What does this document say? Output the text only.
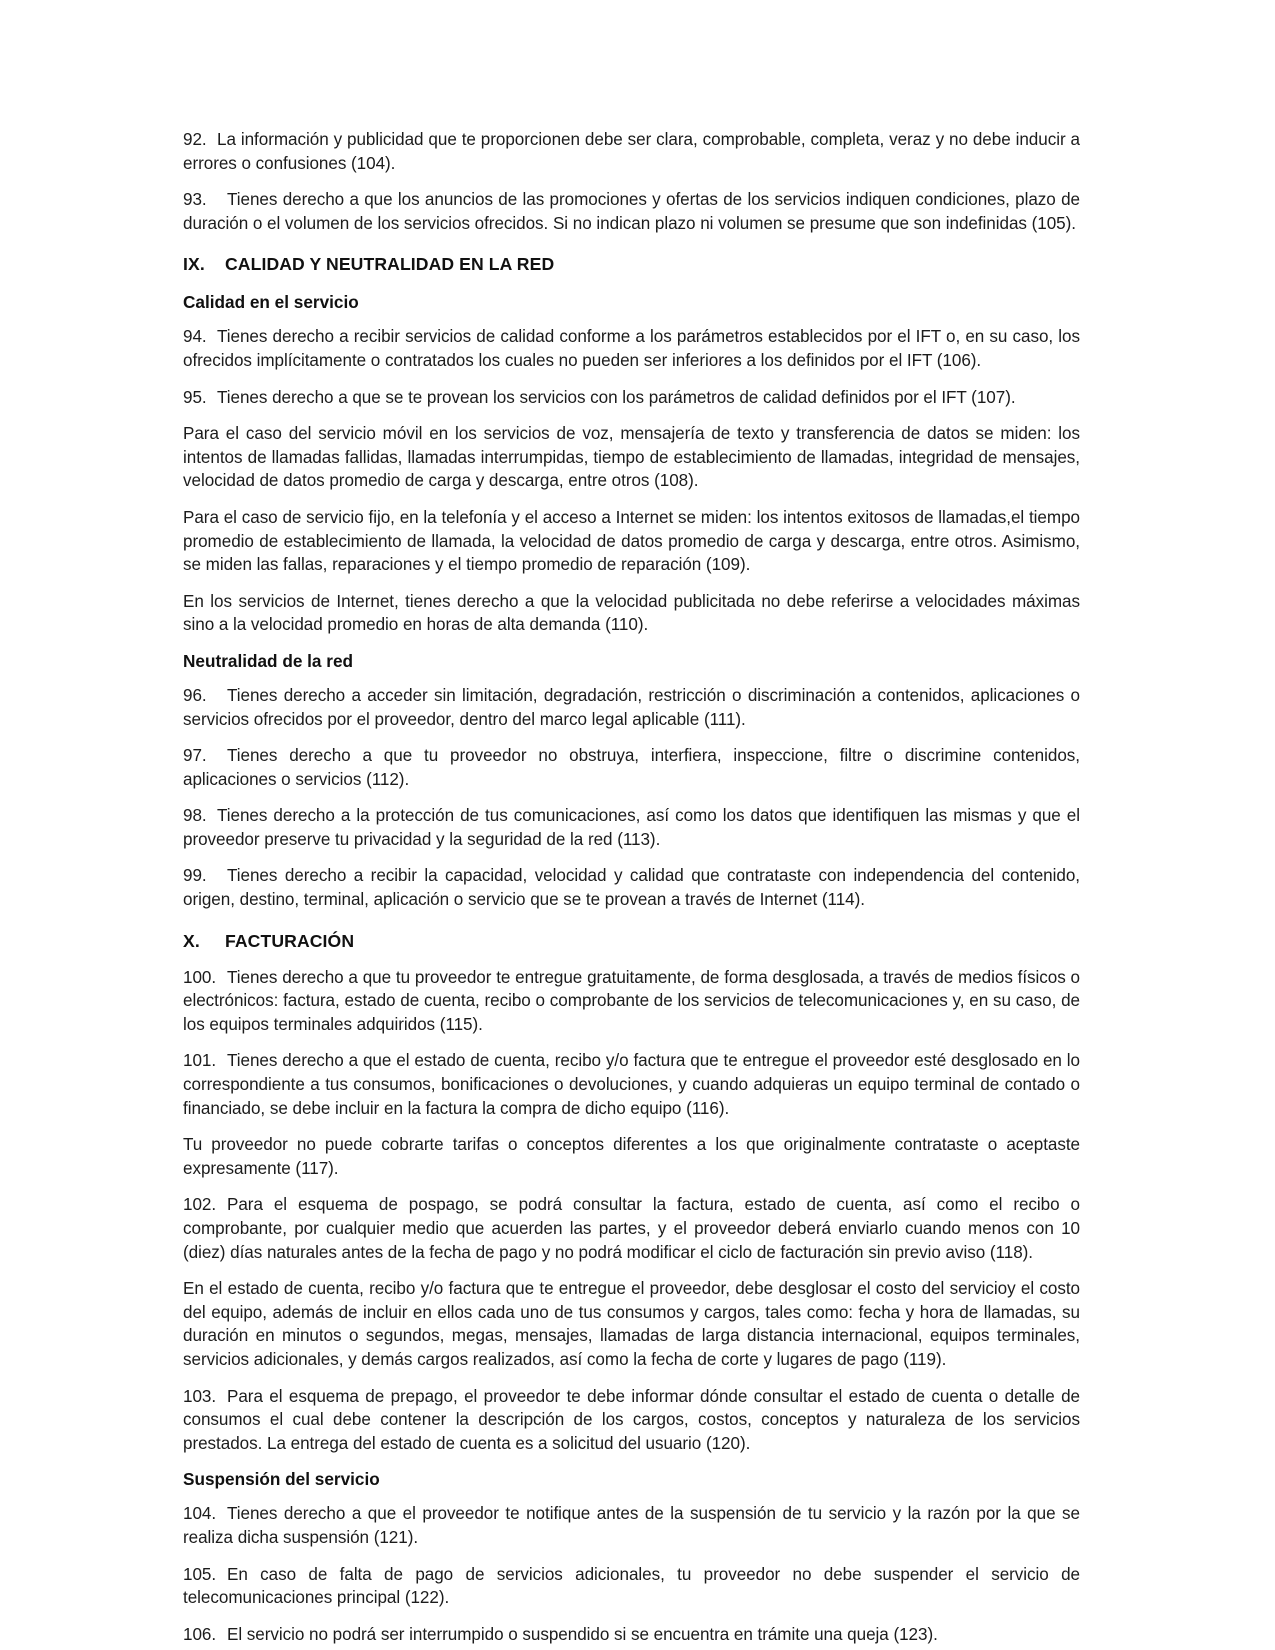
92. La información y publicidad que te proporcionen debe ser clara, comprobable, completa, veraz y no debe inducir a errores o confusiones (104).

93. Tienes derecho a que los anuncios de las promociones y ofertas de los servicios indiquen condiciones, plazo de duración o el volumen de los servicios ofrecidos. Si no indican plazo ni volumen se presume que son indefinidas (105).

IX. CALIDAD Y NEUTRALIDAD EN LA RED
Calidad en el servicio

94. Tienes derecho a recibir servicios de calidad conforme a los parámetros establecidos por el IFT o, en su caso, los ofrecidos implícitamente o contratados los cuales no pueden ser inferiores a los definidos por el IFT (106).

95. Tienes derecho a que se te provean los servicios con los parámetros de calidad definidos por el IFT (107).

Para el caso del servicio móvil en los servicios de voz, mensajería de texto y transferencia de datos se miden: los intentos de llamadas fallidas, llamadas interrumpidas, tiempo de establecimiento de llamadas, integridad de mensajes, velocidad de datos promedio de carga y descarga, entre otros (108).

Para el caso de servicio fijo, en la telefonía y el acceso a Internet se miden: los intentos exitosos de llamadas,el tiempo promedio de establecimiento de llamada, la velocidad de datos promedio de carga y descarga, entre otros. Asimismo, se miden las fallas, reparaciones y el tiempo promedio de reparación (109).

En los servicios de Internet, tienes derecho a que la velocidad publicitada no debe referirse a velocidades máximas sino a la velocidad promedio en horas de alta demanda (110).

Neutralidad de la red

96. Tienes derecho a acceder sin limitación, degradación, restricción o discriminación a contenidos, aplicaciones o servicios ofrecidos por el proveedor, dentro del marco legal aplicable (111).

97. Tienes derecho a que tu proveedor no obstruya, interfiera, inspeccione, filtre o discrimine contenidos, aplicaciones o servicios (112).

98. Tienes derecho a la protección de tus comunicaciones, así como los datos que identifiquen las mismas y que el proveedor preserve tu privacidad y la seguridad de la red (113).

99. Tienes derecho a recibir la capacidad, velocidad y calidad que contrataste con independencia del contenido, origen, destino, terminal, aplicación o servicio que se te provean a través de Internet (114).

X. FACTURACIÓN

100. Tienes derecho a que tu proveedor te entregue gratuitamente, de forma desglosada, a través de medios físicos o electrónicos: factura, estado de cuenta, recibo o comprobante de los servicios de telecomunicaciones y, en su caso, de los equipos terminales adquiridos (115).

101. Tienes derecho a que el estado de cuenta, recibo y/o factura que te entregue el proveedor esté desglosado en lo correspondiente a tus consumos, bonificaciones o devoluciones, y cuando adquieras un equipo terminal de contado o financiado, se debe incluir en la factura la compra de dicho equipo (116).

Tu proveedor no puede cobrarte tarifas o conceptos diferentes a los que originalmente contrataste o aceptaste expresamente (117).

102. Para el esquema de pospago, se podrá consultar la factura, estado de cuenta, así como el recibo o comprobante, por cualquier medio que acuerden las partes, y el proveedor deberá enviarlo cuando menos con 10 (diez) días naturales antes de la fecha de pago y no podrá modificar el ciclo de facturación sin previo aviso (118).

En el estado de cuenta, recibo y/o factura que te entregue el proveedor, debe desglosar el costo del servicioy el costo del equipo, además de incluir en ellos cada uno de tus consumos y cargos, tales como: fecha y hora de llamadas, su duración en minutos o segundos, megas, mensajes, llamadas de larga distancia internacional, equipos terminales, servicios adicionales, y demás cargos realizados, así como la fecha de corte y lugares de pago (119).

103. Para el esquema de prepago, el proveedor te debe informar dónde consultar el estado de cuenta o detalle de consumos el cual debe contener la descripción de los cargos, costos, conceptos y naturaleza de los servicios prestados. La entrega del estado de cuenta es a solicitud del usuario (120).

Suspensión del servicio

104. Tienes derecho a que el proveedor te notifique antes de la suspensión de tu servicio y la razón por la que se realiza dicha suspensión (121).

105. En caso de falta de pago de servicios adicionales, tu proveedor no debe suspender el servicio de telecomunicaciones principal (122).

106. El servicio no podrá ser interrumpido o suspendido si se encuentra en trámite una queja (123).
